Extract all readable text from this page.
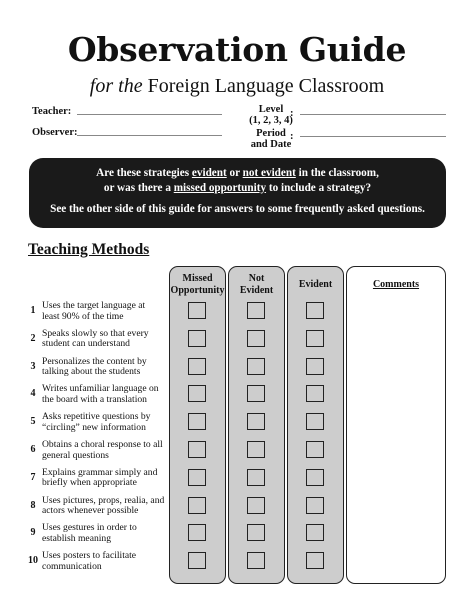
Observation Guide
for the Foreign Language Classroom
Teacher:
Observer:
Level
(1, 2, 3, 4)
:
Period
and Date
:
Are these strategies evident or not evident in the classroom,
or was there a missed opportunity to include a strategy?
See the other side of this guide for answers to some frequently asked questions.
Teaching Methods
Missed
Opportunity
Not
Evident	Evident	Comments
1 Uses the target language at
least 90% of the time
2 Speaks slowly so that every
student can understand
3 Personalizes the content by
talking about the students
4 Writes unfamiliar language on
the board with a translation
5 Asks repetitive questions by
“circling” new information
6 Obtains a choral response to all
general questions
7 Explains grammar simply and
briefly when appropriate
8 Uses pictures, props, realia, and
actors whenever possible
9 Uses gestures in order to
establish meaning
10 Uses posters to facilitate
communication
